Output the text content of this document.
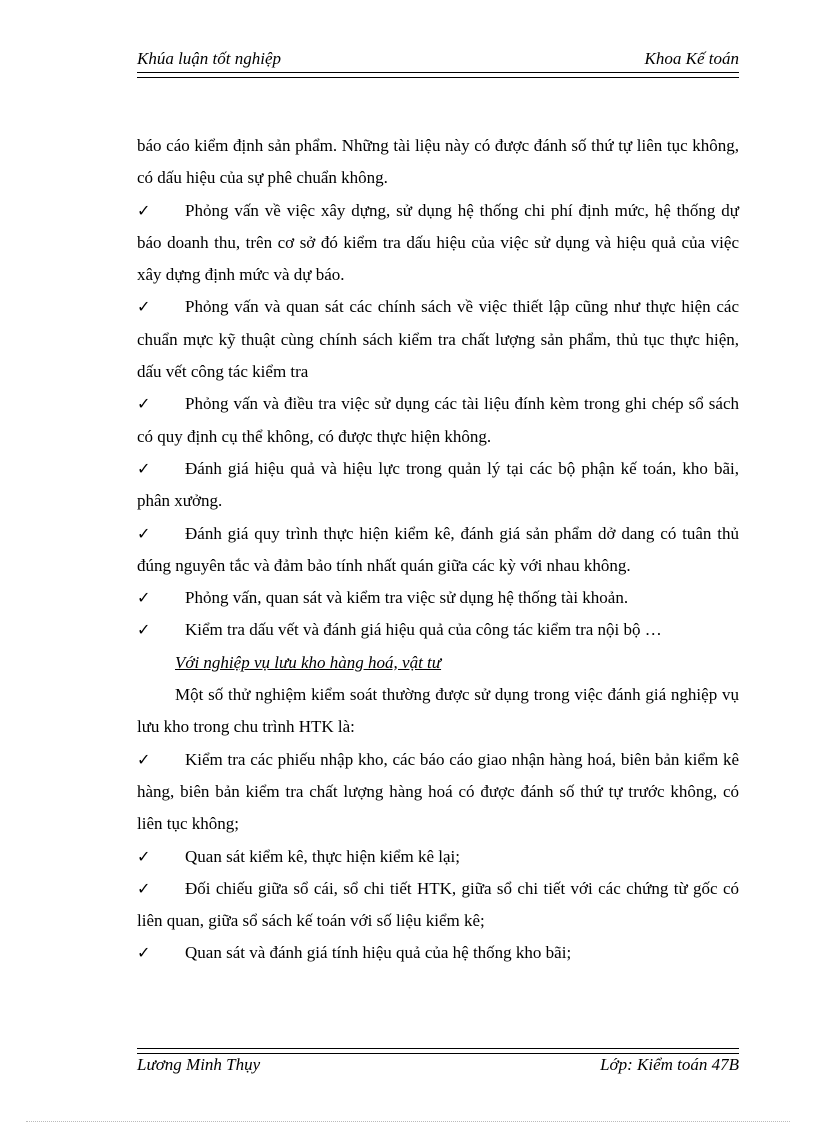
Khúa luận tốt nghiệp	Khoa Kế toán

báo cáo kiểm định sản phẩm. Những tài liệu này có được đánh số thứ tự liên tục không, có dấu hiệu của sự phê chuẩn không.

✓	Phỏng vấn về việc xây dựng, sử dụng hệ thống chi phí định mức, hệ thống dự báo doanh thu, trên cơ sở đó kiểm tra dấu hiệu của việc sử dụng và hiệu quả của việc xây dựng định mức và dự báo.

✓	Phỏng vấn và quan sát các chính sách về việc thiết lập cũng như thực hiện các chuẩn mực kỹ thuật cùng chính sách kiểm tra chất lượng sản phẩm, thủ tục thực hiện, dấu vết công tác kiểm tra

✓	Phỏng vấn và điều tra việc sử dụng các tài liệu đính kèm trong ghi chép sổ sách có quy định cụ thể không, có được thực hiện không.

✓	Đánh giá hiệu quả và hiệu lực trong quản lý tại các bộ phận kế toán, kho bãi, phân xưởng.

✓	Đánh giá quy trình thực hiện kiểm kê, đánh giá sản phẩm dở dang có tuân thủ đúng nguyên tắc và đảm bảo tính nhất quán giữa các kỳ với nhau không.

✓	Phỏng vấn, quan sát và kiểm tra việc sử dụng hệ thống tài khoản.

✓	Kiểm tra dấu vết và đánh giá hiệu quả của công tác kiểm tra nội bộ …

Với nghiệp vụ lưu kho hàng hoá, vật tư

Một số thử nghiệm kiểm soát thường được sử dụng trong việc đánh giá nghiệp vụ lưu kho trong chu trình HTK là:

✓	Kiểm tra các phiếu nhập kho, các báo cáo giao nhận hàng hoá, biên bản kiểm kê hàng, biên bản kiểm tra chất lượng hàng hoá có được đánh số thứ tự trước không, có liên tục không;

✓	Quan sát kiểm kê, thực hiện kiểm kê lại;

✓	Đối chiếu giữa sổ cái, sổ chi tiết HTK, giữa sổ chi tiết với các chứng từ gốc có liên quan, giữa sổ sách kế toán với số liệu kiểm kê;

✓	Quan sát và đánh giá tính hiệu quả của hệ thống kho bãi;

Lương Minh Thụy	Lớp: Kiểm toán 47B
